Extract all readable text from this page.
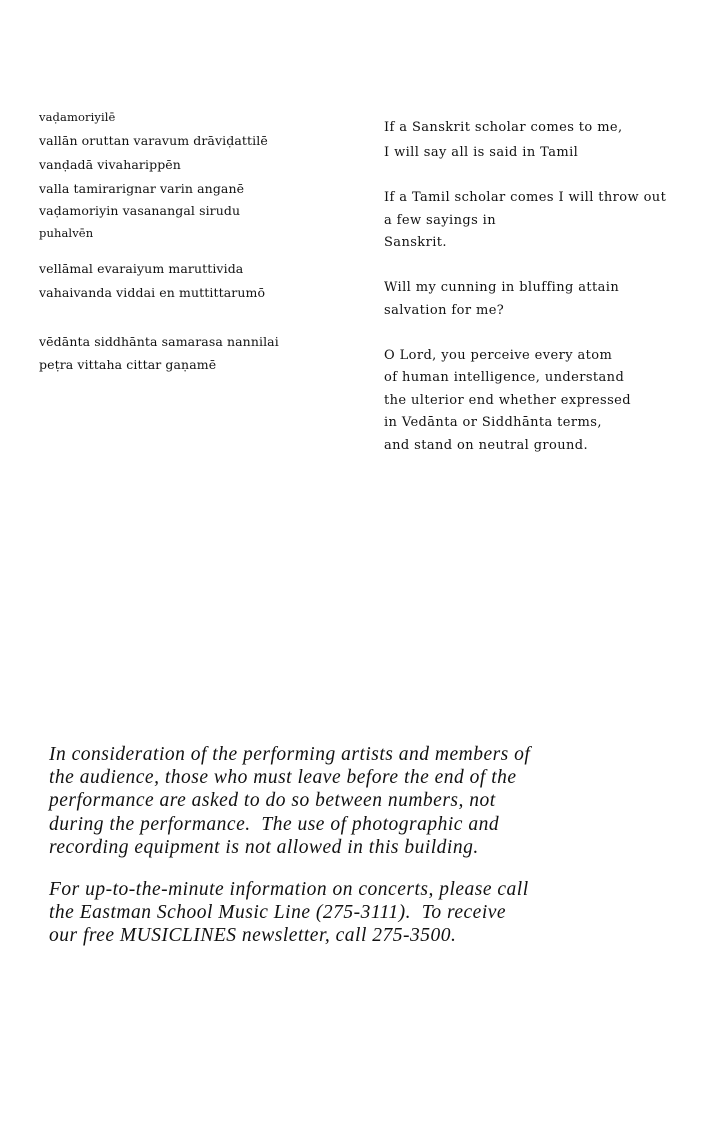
vaḍamoriyilē
vallān oruttan varavum drāviḍattilē
vanḍadā vivaharippēn
valla tamirarignar varin anganē
vaḍamoriyin vasanangal sirudu
puhalvēn
vellāmal evaraiyum maruttivida
vahaivanda viddai en muttittarumō
vēdānta siddhānta samarasa nannilai
peṭra vittaha cittar gaṇamē
If a Sanskrit scholar comes to me,
I will say all is said in Tamil
If a Tamil scholar comes I will throw out
a few sayings in
Sanskrit.
Will my cunning in bluffing attain
salvation for me?
O Lord, you perceive every atom
of human intelligence, understand
the ulterior end whether expressed
in Vedānta or Siddhānta terms,
and stand on neutral ground.
In consideration of the performing artists and members of
the audience, those who must leave before the end of the
performance are asked to do so between numbers, not
during the performance.  The use of photographic and
recording equipment is not allowed in this building.
For up-to-the-minute information on concerts, please call
the Eastman School Music Line (275-3111).  To receive
our free MUSICLINES newsletter, call 275-3500.
